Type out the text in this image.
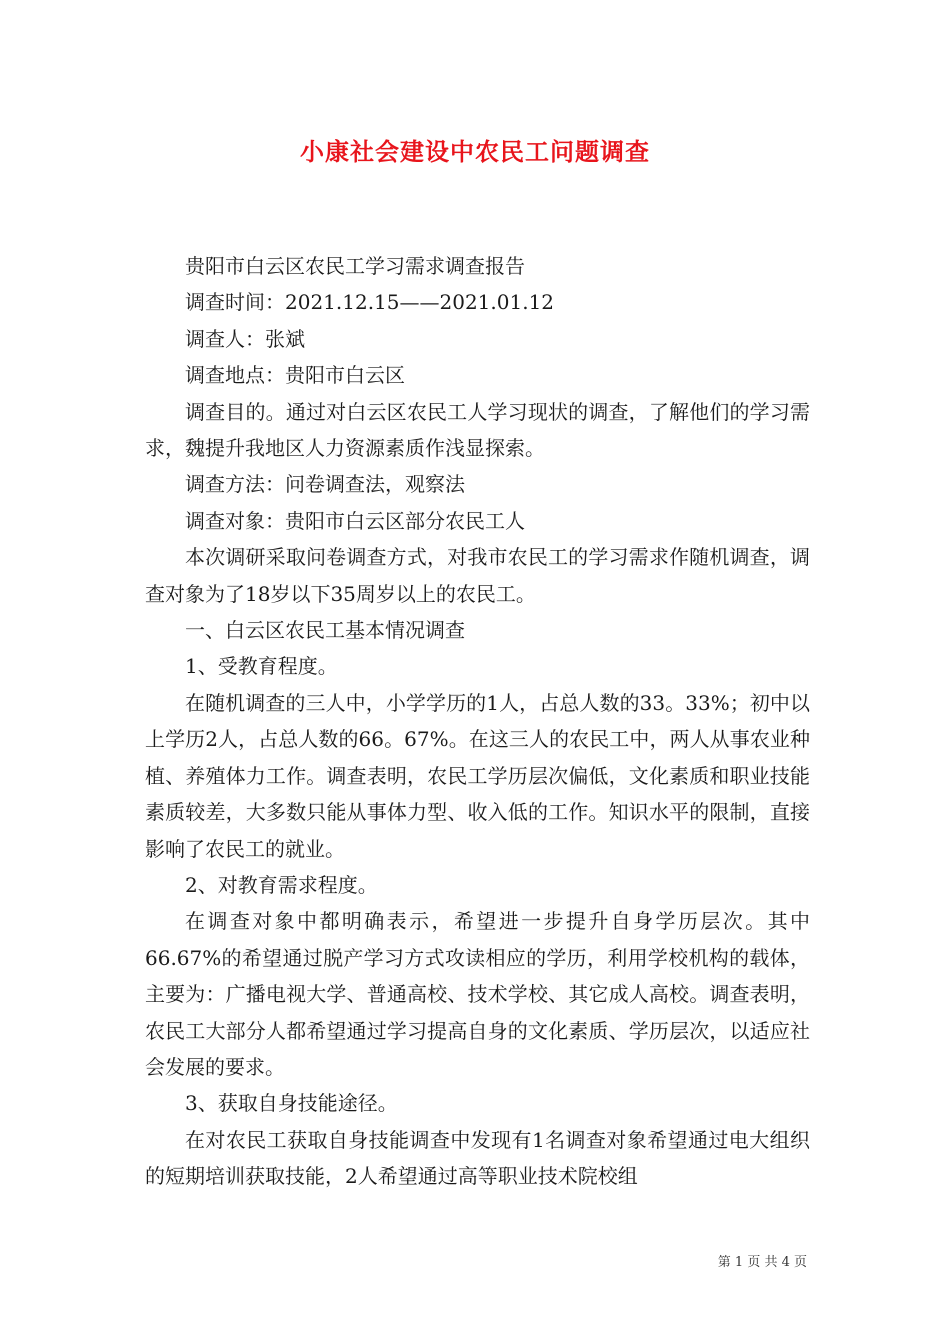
小康社会建设中农民工问题调查

贵阳市白云区农民工学习需求调查报告

调查时间：2021.12.15——2021.01.12

调查人：张斌

调查地点：贵阳市白云区

调查目的。通过对白云区农民工人学习现状的调查，了解他们的学习需求，魏提升我地区人力资源素质作浅显探索。

调查方法：问卷调查法，观察法

调查对象：贵阳市白云区部分农民工人

本次调研采取问卷调查方式，对我市农民工的学习需求作随机调查，调查对象为了18岁以下35周岁以上的农民工。

一、白云区农民工基本情况调查

1、受教育程度。

在随机调查的三人中，小学学历的1人，占总人数的33。33%；初中以上学历2人，占总人数的66。67%。在这三人的农民工中，两人从事农业种植、养殖体力工作。调查表明，农民工学历层次偏低，文化素质和职业技能素质较差，大多数只能从事体力型、收入低的工作。知识水平的限制，直接影响了农民工的就业。

2、对教育需求程度。

在调查对象中都明确表示，希望进一步提升自身学历层次。其中66.67%的希望通过脱产学习方式攻读相应的学历，利用学校机构的载体，主要为：广播电视大学、普通高校、技术学校、其它成人高校。调查表明，农民工大部分人都希望通过学习提高自身的文化素质、学历层次，以适应社会发展的要求。

3、获取自身技能途径。

在对农民工获取自身技能调查中发现有1名调查对象希望通过电大组织的短期培训获取技能，2人希望通过高等职业技术院校组

第 1 页 共 4 页
